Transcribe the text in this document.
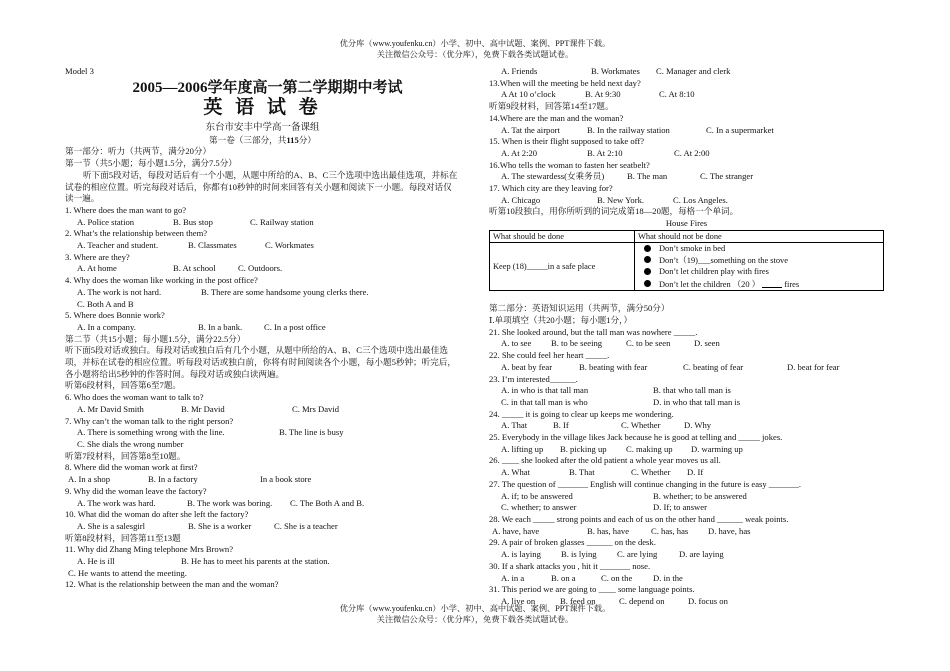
优分库（www.youfenku.cn）小学、初中、高中试题、案例、PPT课件下载。
关注微信公众号：（优分库），免费下载各类试题试卷。
Model 3
2005—2006学年度高一第二学期期中考试
英 语 试 卷
东台市安丰中学高一备课组
第一卷（三部分，共115分）
第一部分：听力（共两节，满分20分）
第一节（共5小题；每小题1.5分，满分7.5分）
听下面5段对话，每段对话后有一个小题，从题中所给的A、B、C三个选项中选出最佳选项，并标在试卷的相应位置。听完每段对话后，你都有10秒钟的时间来回答有关小题和阅读下一小题。每段对话仅读一遍。
1. Where does the man want to go?
A. Police station	B. Bus stop	C. Railway station
2. What’s the relationship between them?
A. Teacher and student.	B. Classmates	C. Workmates
3. Where are they?
A. At home	B. At school	C. Outdoors.
4. Why does the woman like working in the post office?
A. The work is not hard.	B. There are some handsome young clerks there.
C. Both A and B
5. Where does Bonnie work?
A. In a company.	B. In a bank.	C. In a post office
第二节（共15小题；每小题1.5分，满分22.5分）
听下面5段对话或独白。每段对话或独白后有几个小题，从题中所给的A、B、C三个选项中选出最佳选项，并标在试卷的相应位置。听每段对话或独白前，你将有时间阅读各个小题，每小题5秒钟；听完后，各小题将给出5秒钟的作答时间。每段对话或独白读两遍。
听第6段材料，回答第6至7题。
6. Who does the woman want to talk to?
A. Mr David Smith	B. Mr David	C. Mrs David
7. Why can’t the woman talk to the right person?
A. There is something wrong with the line.	B. The line is busy
C. She dials the wrong number
听第7段材料，回答第8至10题。
8. Where did the woman work at first?
A. In a shop	B. In a factory	In a book store
9. Why did the woman leave the factory?
A. The work was hard.	B. The work was boring. C. The Both A and B.
10. What did the woman do after she left the factory?
A. She is a salesgirl	B. She is a worker	C. She is a teacher
听第8段材料，回答第11至13题
11. Why did Zhang Ming telephone Mrs Brown?
A. He is ill	B. He has to meet his parents at the station.
C. He wants to attend the meeting.
12. What is the relationship between the man and the woman?
A. Friends	B. Workmates C. Manager and clerk
13.When will the meeting be held next day?
A At 10 o’clock	B. At 9:30	C. At 8:10
听第9段材料，回答第14至17题。
14.Where are the man and the woman?
A. Tat the airport	B. In the railway station	C. In a supermarket
15. When is their flight supposed to take off?
A. At 2:20	B. At 2:10	C. At 2:00
16.Who tells the woman to fasten her seatbelt?
A. The stewardess(女乘务员)	B. The man	C. The stranger
17. Which city are they leaving for?
A. Chicago	B. New York.	C. Los Angeles.
听第10段独白，用你所听到的词完成第18—20题，每格一个单词。
House Fires
What should be done	What should not be done
Keep (18)_____in a safe place	Don’t smoke in bed
Don’t（19)___something on the stove
Don’t let children play with fires
Don’t let the children （20 ） fires
第二部分：英语知识运用（共两节，满分50分）
Ⅰ.单项填空（共20小题；每小题1分，）
21. She looked around, but the tall man was nowhere _____.
A. to see B. to be seeing	C. to be seen	D. seen
22. She could feel her heart _____.
A. beat by fear	B. beating with fear	C. beating of fear	D. beat for fear
23. I’m interested______.
A. in who is that tall man	B. that who tall man is
C. in that tall man is who	D. in who that tall man is
24. _____ it is going to clear up keeps me wondering.
A. That	B. If	C. Whether	D. Why
25. Everybody in the village likes Jack because he is good at telling and _____ jokes.
A. lifting up B. picking up C. making up D. warming up
26. ____ she looked after the old patient a whole year moves us all.
A. What	B. That	C. Whether D. If
27. The question of _______ English will continue changing in the future is easy _______.
A. if; to be answered	B. whether; to be answered
C. whether; to answer	D. If; to answer
28. We each _____ strong points and each of us on the other hand ______ weak points.
A. have, have	B. has, have	C. has, has D. have, has
29. A pair of broken glasses ______ on the desk.
A. is laying B. is lying C. are lying	D. are laying
30. If a shark attacks you , hit it _______ nose.
A. in a	B. on a	C. on the D. in the
31. This period we are going to ____ some language points.
A. live on	B. feed on	C. depend on	D. focus on
优分库（www.youfenku.cn）小学、初中、高中试题、案例、PPT课件下载。
关注微信公众号：（优分库），免费下载各类试题试卷。
